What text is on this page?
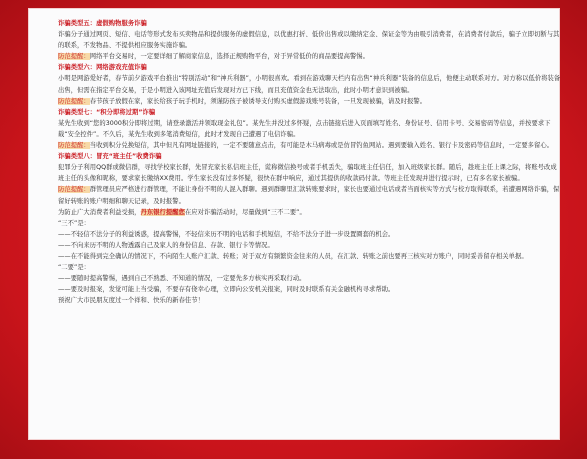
诈骗类型五：虚假购物服务诈骗

诈骗分子通过网页、短信、电话等形式发布买卖物品和提供服务的虚假信息，以优惠打折、低价出售或以缴纳定金、保证金等为由吸引消费者，在消费者付款后，骗子立即切断与其的联系，不发物品、不提供相应服务实施诈骗。

防范提醒：网络平台交易时，一定要详细了解商家信息，选择正规购物平台，对于异常低价的商品要提高警惕。

诈骗类型六：网络游戏充值诈骗

小明是网游爱好者，春节前夕游戏平台推出“特别活动”和“神兵利器”，小明很喜欢。看到在游戏聊天栏内有出售“神兵利器”装备的信息后，他便主动联系对方。对方称以低价将装备出售，但需在指定平台交易，于是小明进入该网址充值后发现对方已下线，而且充值资金也无法取出，此时小明才意识到被骗。

防范提醒：春节孩子放假在家，家长给孩子玩手机时，须谨防孩子被诱导支付购买虚假游戏账号装备，一旦发现被骗，请及时报警。

诈骗类型七：“积分即将过期”诈骗

某先生收到“您的3000积分即将过期，请登录激活并领取现金礼包”。某先生并没过多怀疑，点击链接后进入页面填写姓名、身份证号、信用卡号、交易密码等信息，并按要求下载“安全控件”。不久后，某先生收到多笔消费短信，此时才发现自己遭遇了电信诈骗。

防范提醒：当收到积分兑换短信，其中但凡有网址链接的，一定不要随意点击，有可能是木马病毒或是仿冒钓鱼网站。遇到要输入姓名、银行卡及密码等信息时，一定要多留心。

诈骗类型八：冒充“班主任”收费诈骗

犯罪分子利用QQ群或微信群，寻找学校家长群，先冒充家长私信班主任，谎称微信换号或者手机丢失，骗取班主任信任，加入班级家长群。随后，趁班主任上课之际，将账号改成班主任的头像和昵称，要求家长缴纳XX费用。学生家长没有过多怀疑，很快在群中响应，通过其提供的收款码付款。等班主任发现并进行提示时，已有多名家长被骗。

防范提醒：群管理员应严格进行群管理，不能让身份不明的人混入群聊。遇到群聊里汇款转账要求时，家长也要通过电话或者当面核实等方式与校方取得联系，若遭遇网络诈骗，保留好转账的账户明细和聊天记录，及时报警。

为防止广大消费者利益受损，丹东银行提醒您在应对诈骗活动时，尽量做到“三不二要”。

“三不”是：

——不轻信不法分子的利益诱惑，提高警惕，不轻信来历不明的电话和手机短信，不给不法分子进一步设置圈套的机会。

——不向来历不明的人物透露自己及家人的身份信息、存款、银行卡等情况。

——在不能得到完全确认的情况下，不向陌生人账户汇款、转账；对于双方有频繁资金往来的人员，在汇款、转账之前也要再三核实对方账户，同时妥善留存相关单据。

“二要”是：

——要随时提高警惕，遇到自己不熟悉、不知道的情况，一定要先多方核实再采取行动。

——要及时报案，发觉可能上当受骗，不要存有侥幸心理，立即向公安机关报案，同时及时联系有关金融机构寻求帮助。

预祝广大市民朋友度过一个祥和、快乐的新春佳节！
